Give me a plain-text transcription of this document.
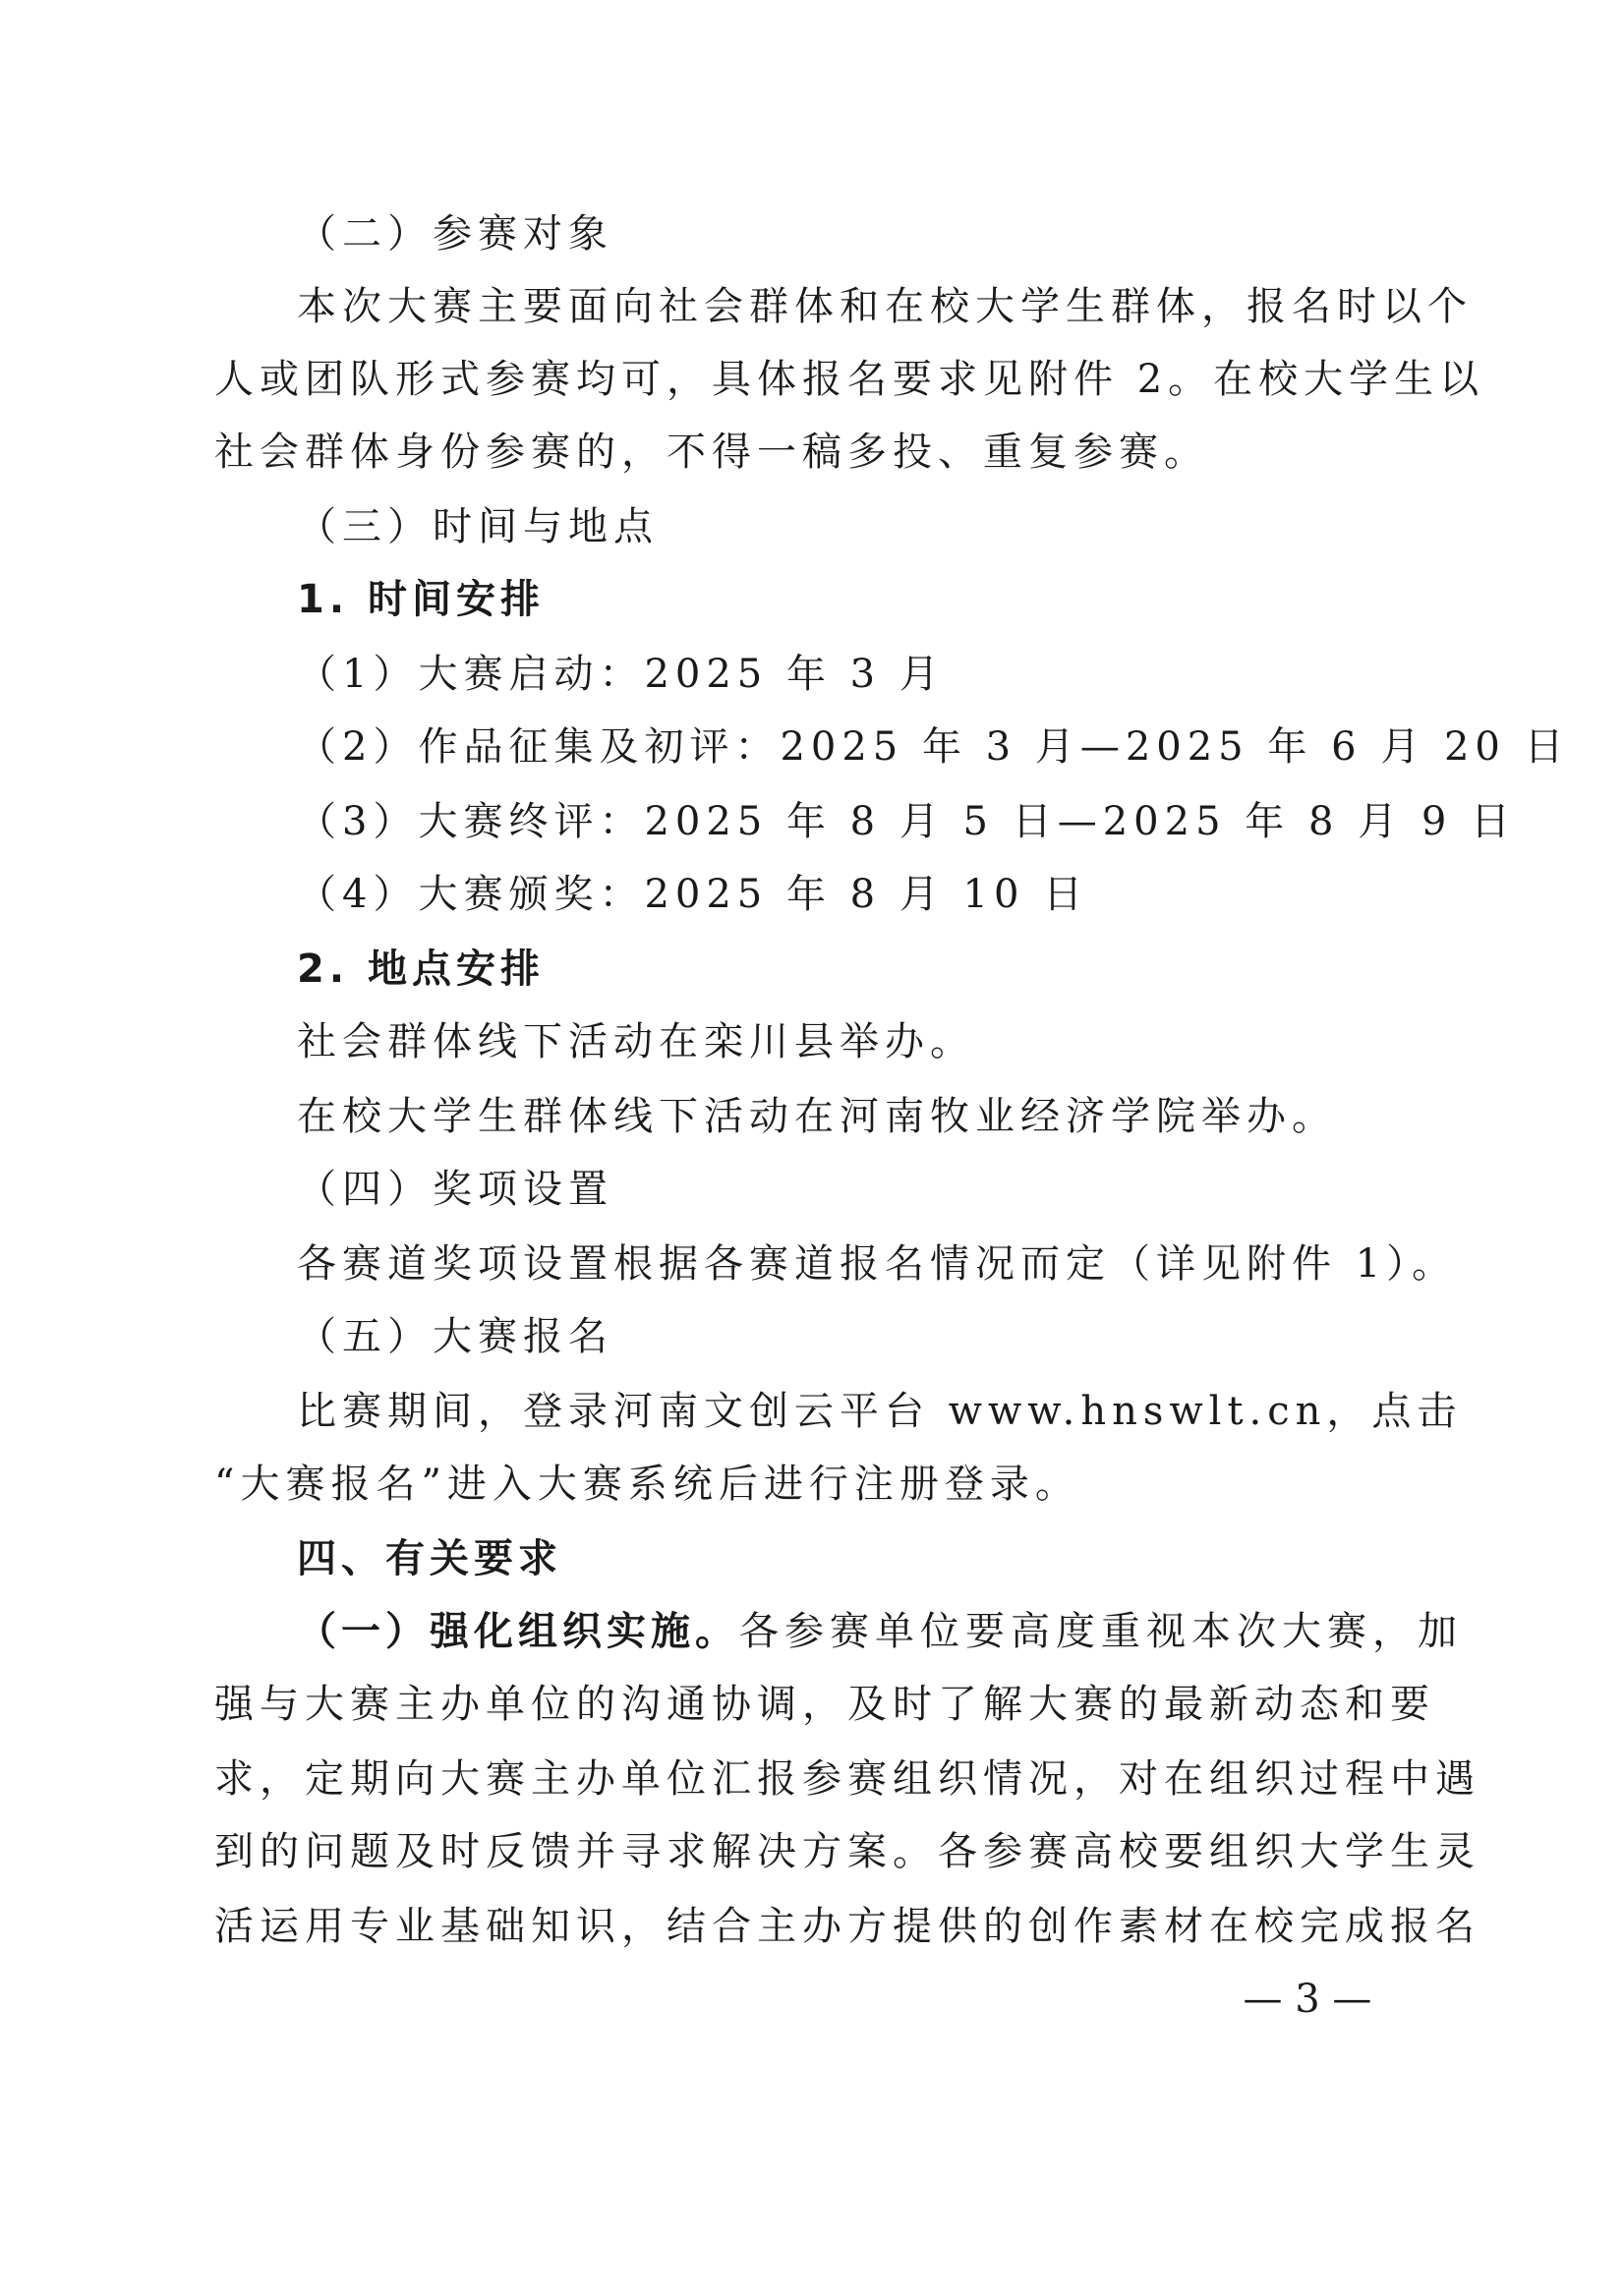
（二）参赛对象
本次大赛主要面向社会群体和在校大学生群体，报名时以个
人或团队形式参赛均可，具体报名要求见附件 2。在校大学生以
社会群体身份参赛的，不得一稿多投、重复参赛。
（三）时间与地点
1. 时间安排
（1）大赛启动：2025 年 3 月
（2）作品征集及初评：2025 年 3 月—2025 年 6 月 20 日
（3）大赛终评：2025 年 8 月 5 日—2025 年 8 月 9 日
（4）大赛颁奖：2025 年 8 月 10 日
2. 地点安排
社会群体线下活动在栾川县举办。
在校大学生群体线下活动在河南牧业经济学院举办。
（四）奖项设置
各赛道奖项设置根据各赛道报名情况而定（详见附件 1）。
（五）大赛报名
比赛期间，登录河南文创云平台 www.hnswlt.cn，点击
“大赛报名”进入大赛系统后进行注册登录。
四、有关要求
（一）强化组织实施。各参赛单位要高度重视本次大赛，加
强与大赛主办单位的沟通协调，及时了解大赛的最新动态和要
求，定期向大赛主办单位汇报参赛组织情况，对在组织过程中遇
到的问题及时反馈并寻求解决方案。各参赛高校要组织大学生灵
活运用专业基础知识，结合主办方提供的创作素材在校完成报名
— 3 —
